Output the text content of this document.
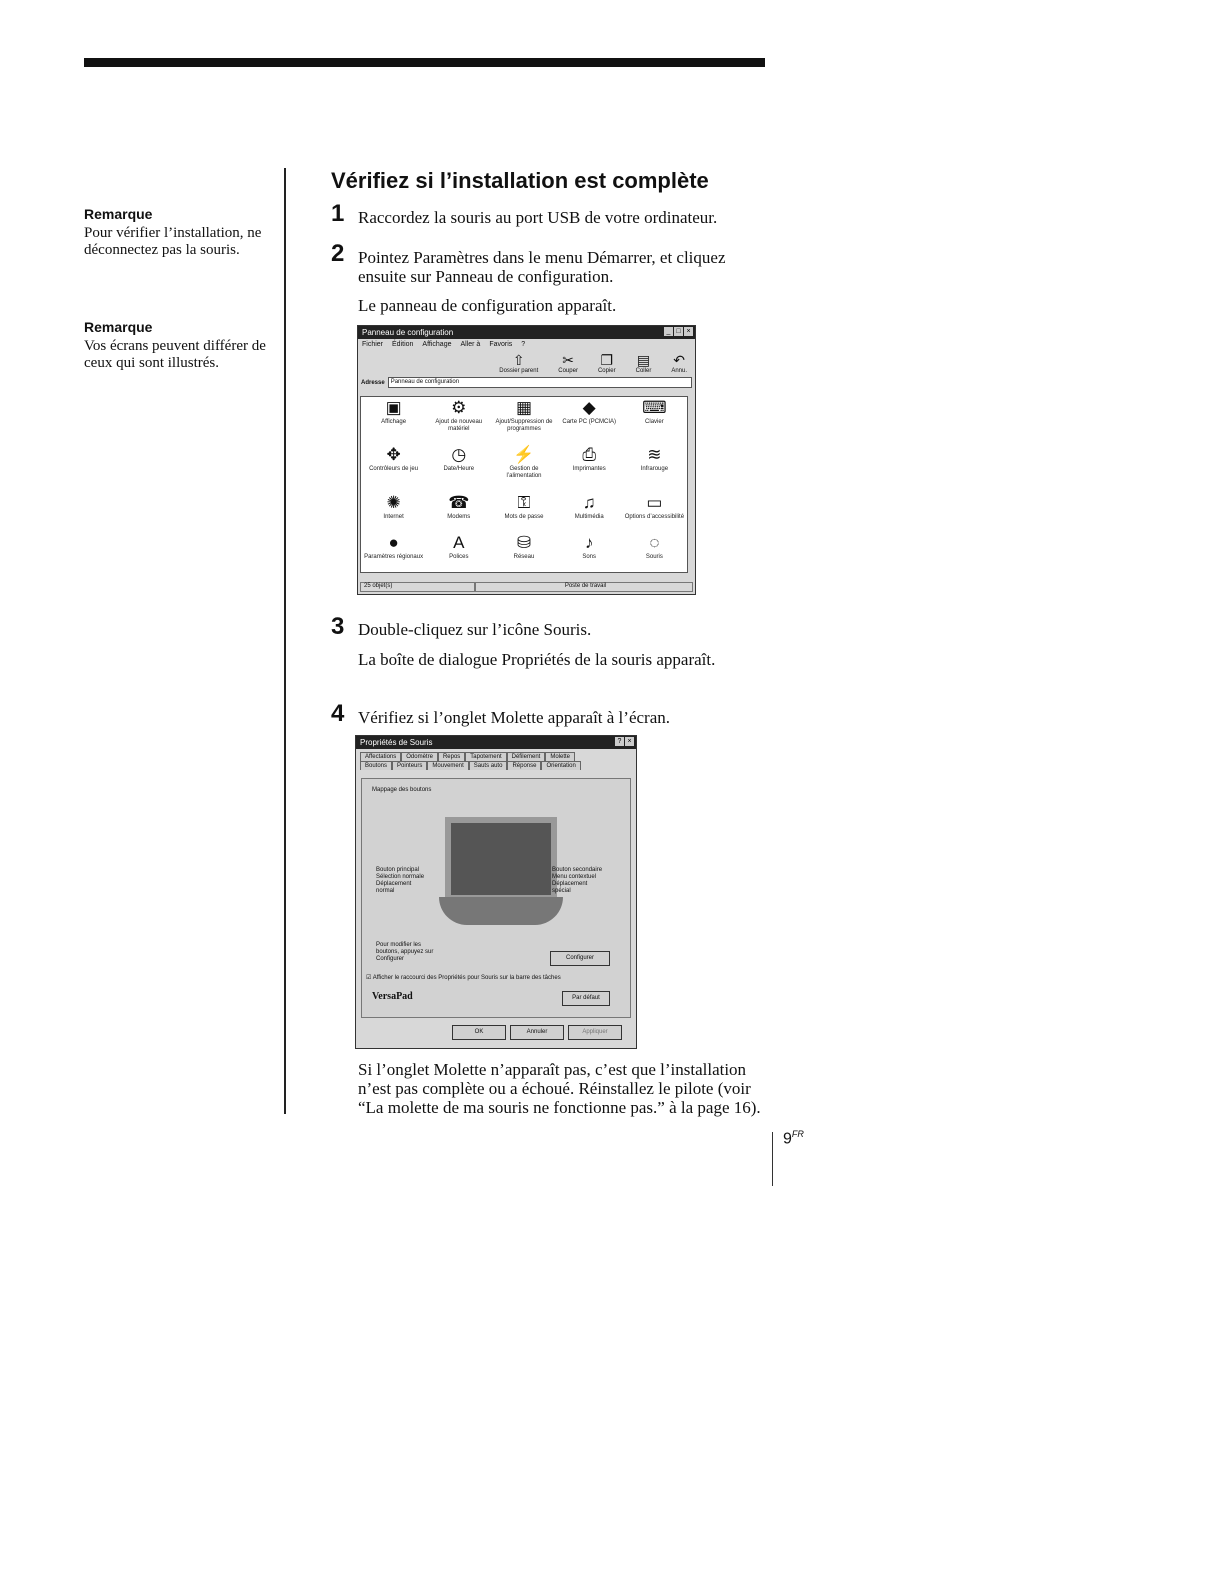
Remarque

Pour vérifier l’installation, ne déconnectez pas la souris.

Remarque

Vos écrans peuvent différer de ceux qui sont illustrés.

Vérifiez si l’installation est complète
1 Raccordez la souris au port USB de votre ordinateur.
2 Pointez Paramètres dans le menu Démarrer, et cliquez ensuite sur Panneau de configuration.
Le panneau de configuration apparaît.
Panneau de configuration	_ □ ×
Fichier Édition Affichage Aller à Favoris ?
⇧
Dossier parent
✂
Couper
❐
Copier
▤
Coller
↶
Annu.
Adresse	Panneau de configuration
▣
Affichage
⚙
Ajout de nouveau matériel
▦
Ajout/Suppression de programmes
◆
Carte PC (PCMCIA)
⌨
Clavier
✥
Contrôleurs de jeu
◷
Date/Heure
⚡
Gestion de l’alimentation
⎙
Imprimantes
≋
Infrarouge
✺
Internet
☎
Modems
⚿
Mots de passe
♫
Multimédia
▭
Options d’accessibilité
●
Paramètres régionaux
A
Polices
⛁
Réseau
♪
Sons
◌
Souris
25 objet(s)	Poste de travail
3 Double-cliquez sur l’icône Souris.
La boîte de dialogue Propriétés de la souris apparaît.
4 Vérifiez si l’onglet Molette apparaît à l’écran.
Propriétés de Souris	? ×
Affectations	Odomètre	Repos	Tapotement	Défilement	Molette
Boutons	Pointeurs	Mouvement	Sauts auto	Réponse	Orientation
Mappage des boutons
Bouton principal Sélection normale Déplacement normal
Bouton secondaire Menu contextuel Déplacement spécial
Pour modifier les boutons, appuyez sur Configurer	Configurer
☑ Afficher le raccourci des Propriétés pour Souris sur la barre des tâches
VersaPad	Par défaut
OK	Annuler	Appliquer
Si l’onglet Molette n’apparaît pas, c’est que l’installation n’est pas complète ou a échoué. Réinstallez le pilote (voir “La molette de ma souris ne fonctionne pas.” à la page 16).
$9^{FR}$
